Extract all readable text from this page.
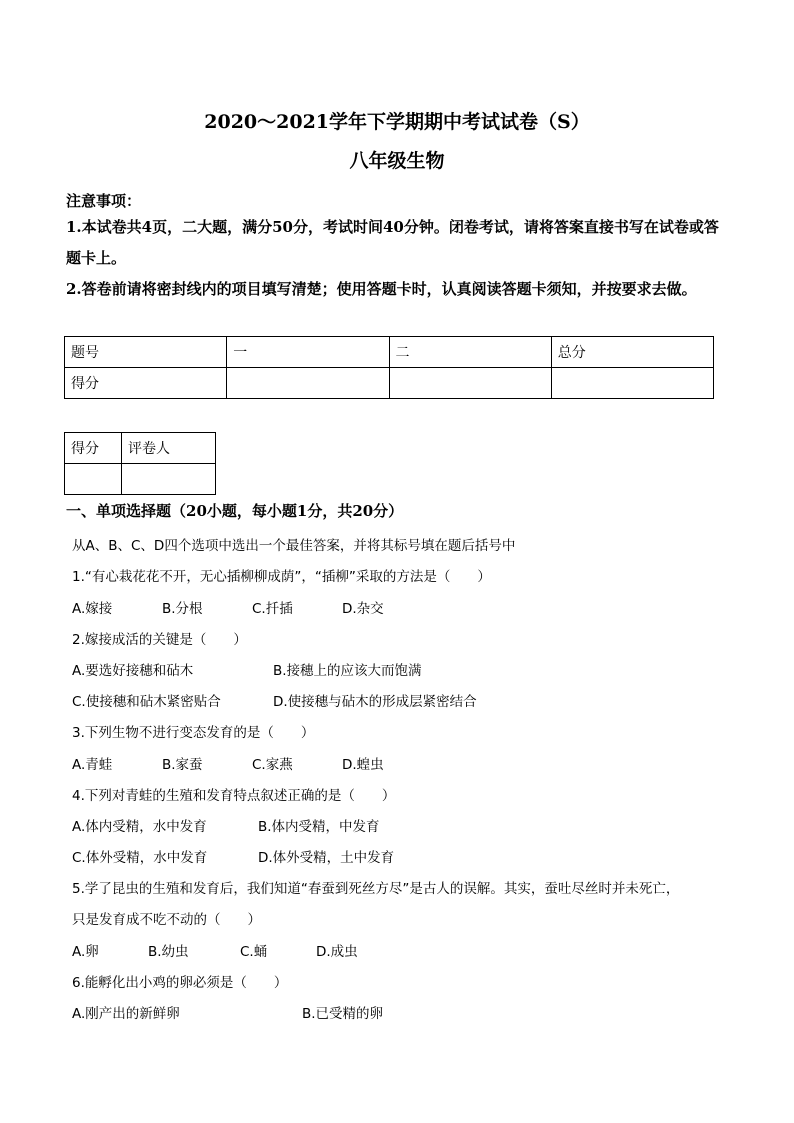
2020～2021学年下学期期中考试试卷（S）
八年级生物
注意事项：
1.本试卷共4页，二大题，满分50分，考试时间40分钟。闭卷考试，请将答案直接书写在试卷或答题卡上。
2.答卷前请将密封线内的项目填写清楚；使用答题卡时，认真阅读答题卡须知，并按要求去做。
题号	一	二	总分
得分			
得分	评卷人

一、单项选择题（20小题，每小题1分，共20分）
从A、B、C、D四个选项中选出一个最佳答案，并将其标号填在题后括号中
1.“有心栽花花不开，无心插柳柳成荫”，“插柳”采取的方法是（　　）
A.嫁接	B.分根	C.扦插	D.杂交
2.嫁接成活的关键是（　　）
A.要选好接穗和砧木	B.接穗上的应该大而饱满
C.使接穗和砧木紧密贴合	D.使接穗与砧木的形成层紧密结合
3.下列生物不进行变态发育的是（　　）
A.青蛙	B.家蚕	C.家燕	D.蝗虫
4.下列对青蛙的生殖和发育特点叙述正确的是（　　）
A.体内受精，水中发育	B.体内受精，中发育
C.体外受精，水中发育	D.体外受精，土中发育
5.学了昆虫的生殖和发育后，我们知道“春蚕到死丝方尽”是古人的误解。其实，蚕吐尽丝时并未死亡，
只是发育成不吃不动的（　　）
A.卵	B.幼虫	C.蛹	D.成虫
6.能孵化出小鸡的卵必须是（　　）
A.刚产出的新鲜卵	B.已受精的卵
